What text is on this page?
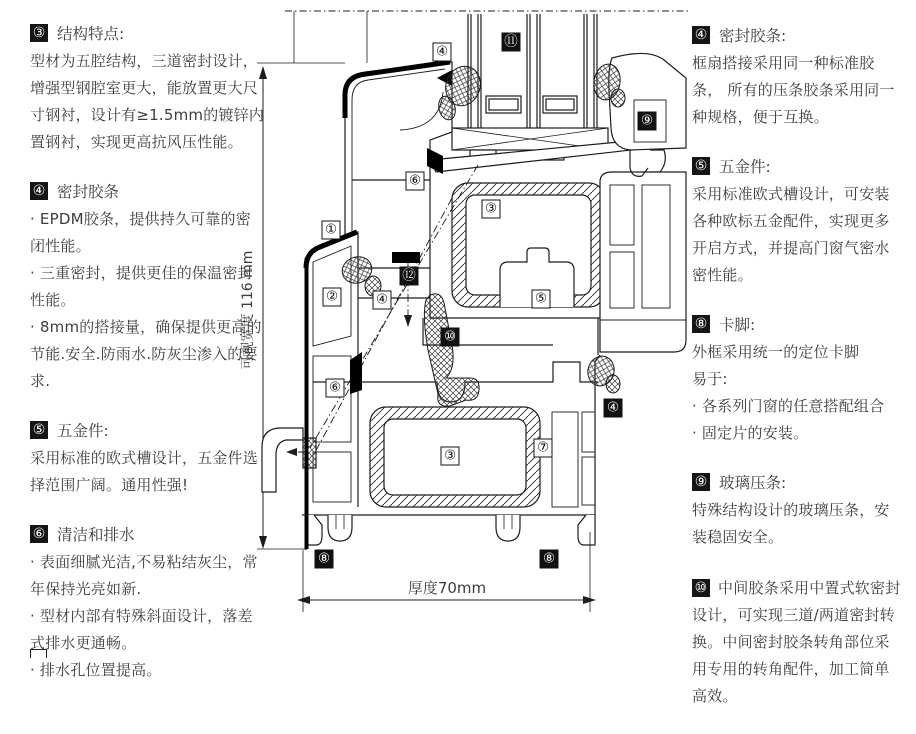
可视宽度 116 mm
厚度70mm
⑪
④
⑨
⑥
③
①
⑫
②	④	⑤
⑩
⑥
④
⑦
③
⑧	⑧
③ 结构特点:

型材为五腔结构，三道密封设计，增强型钢腔室更大，能放置更大尺寸钢衬，设计有≥1.5mm的镀锌内置钢衬，实现更高抗风压性能。

④ 密封胶条

· EPDM胶条，提供持久可靠的密闭性能。

· 三重密封，提供更佳的保温密封性能。

· 8mm的搭接量，确保提供更高的节能.安全.防雨水.防灰尘渗入的要求.

⑤ 五金件:

采用标准的欧式槽设计，五金件选择范围广阔。通用性强!

⑥ 清洁和排水

· 表面细腻光洁,不易粘结灰尘，常年保持光亮如新.

· 型材内部有特殊斜面设计，落差式排水更通畅。

· 排水孔位置提高。

④ 密封胶条:

框扇搭接采用同一种标准胶条， 所有的压条胶条采用同一种规格，便于互换。

⑤ 五金件:

采用标准欧式槽设计，可安装各种欧标五金配件，实现更多开启方式，并提高门窗气密水密性能。

⑧ 卡脚:

外框采用统一的定位卡脚

易于:

· 各系列门窗的任意搭配组合

· 固定片的安装。

⑨ 玻璃压条:

特殊结构设计的玻璃压条，安装稳固安全。

⑩ 中间胶条采用中置式软密封设计，可实现三道/两道密封转换。中间密封胶条转角部位采用专用的转角配件，加工简单高效。
